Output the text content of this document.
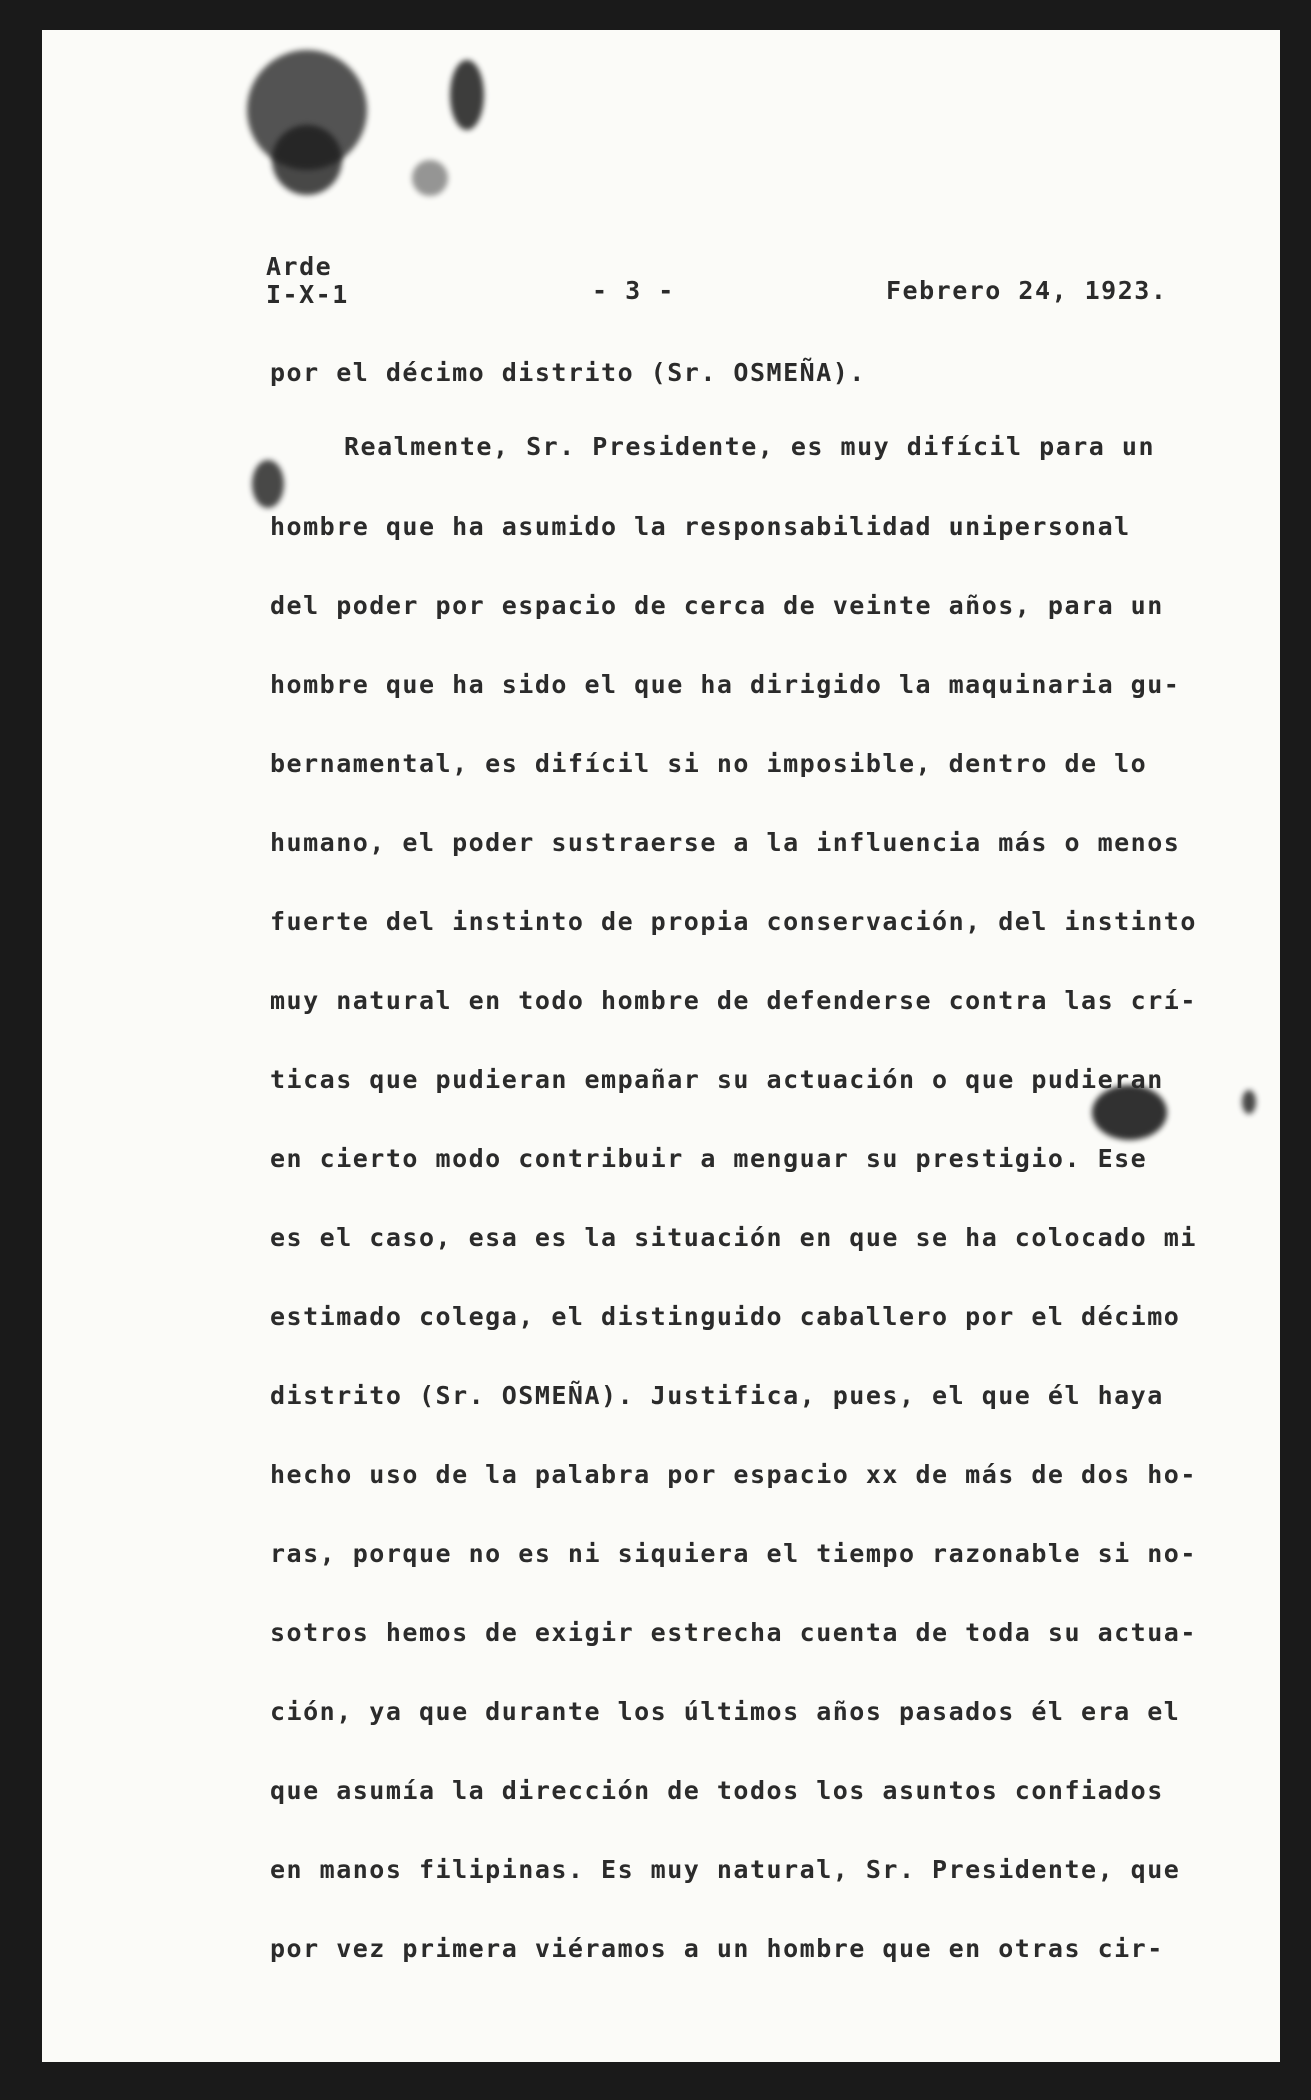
Arde
I-X-1	- 3 -	Febrero 24, 1923.
por el décimo distrito (Sr. OSMEÑA).
Realmente, Sr. Presidente, es muy difícil para un
hombre que ha asumido la responsabilidad unipersonal
del poder por espacio de cerca de veinte años, para un
hombre que ha sido el que ha dirigido la maquinaria gu-
bernamental, es difícil si no imposible, dentro de lo
humano, el poder sustraerse a la influencia más o menos
fuerte del instinto de propia conservación, del instinto
muy natural en todo hombre de defenderse contra las crí-
ticas que pudieran empañar su actuación o que pudieran
en cierto modo contribuir a menguar su prestigio. Ese
es el caso, esa es la situación en que se ha colocado mi
estimado colega, el distinguido caballero por el décimo
distrito (Sr. OSMEÑA). Justifica, pues, el que él haya
hecho uso de la palabra por espacio xx de más de dos ho-
ras, porque no es ni siquiera el tiempo razonable si no-
sotros hemos de exigir estrecha cuenta de toda su actua-
ción, ya que durante los últimos años pasados él era el
que asumía la dirección de todos los asuntos confiados
en manos filipinas. Es muy natural, Sr. Presidente, que
por vez primera viéramos a un hombre que en otras cir-
